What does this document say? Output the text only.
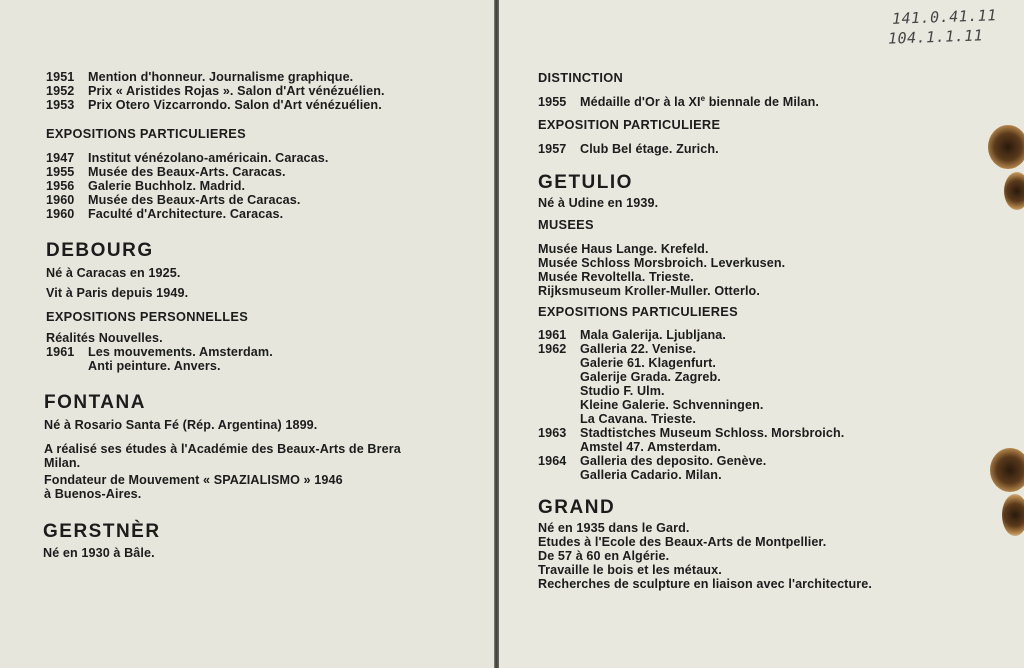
1951	Mention d'honneur. Journalisme graphique.
1952	Prix « Aristides Rojas ». Salon d'Art vénézuélien.
1953	Prix Otero Vizcarrondo. Salon d'Art vénézuélien.
EXPOSITIONS PARTICULIERES
1947	Institut vénézolano-américain. Caracas.
1955	Musée des Beaux-Arts. Caracas.
1956	Galerie Buchholz. Madrid.
1960	Musée des Beaux-Arts de Caracas.
1960	Faculté d'Architecture. Caracas.
DEBOURG
Né à Caracas en 1925.
Vit à Paris depuis 1949.
EXPOSITIONS PERSONNELLES
Réalités Nouvelles.
1961	Les mouvements. Amsterdam.
Anti peinture. Anvers.
FONTANA
Né à Rosario Santa Fé (Rép. Argentina) 1899.
A réalisé ses études à l'Académie des Beaux-Arts de Brera
Milan.
Fondateur de Mouvement « SPAZIALISMO » 1946
à Buenos-Aires.
GERSTNÈR
Né en 1930 à Bâle.
141.0.41.11
104.1.1.11
DISTINCTION
1955	Médaille d'Or à la XIe biennale de Milan.
EXPOSITION PARTICULIERE
1957	Club Bel étage. Zurich.
GETULIO
Né à Udine en 1939.
MUSEES
Musée Haus Lange. Krefeld.
Musée Schloss Morsbroich. Leverkusen.
Musée Revoltella. Trieste.
Rijksmuseum Kroller-Muller. Otterlo.
EXPOSITIONS PARTICULIERES
1961	Mala Galerija. Ljubljana.
1962	Galleria 22. Venise.
Galerie 61. Klagenfurt.
Galerije Grada. Zagreb.
Studio F. Ulm.
Kleine Galerie. Schvenningen.
La Cavana. Trieste.
1963	Stadtistches Museum Schloss. Morsbroich.
Amstel 47. Amsterdam.
1964	Galleria des deposito. Genève.
Galleria Cadario. Milan.
GRAND
Né en 1935 dans le Gard.
Etudes à l'Ecole des Beaux-Arts de Montpellier.
De 57 à 60 en Algérie.
Travaille le bois et les métaux.
Recherches de sculpture en liaison avec l'architecture.
